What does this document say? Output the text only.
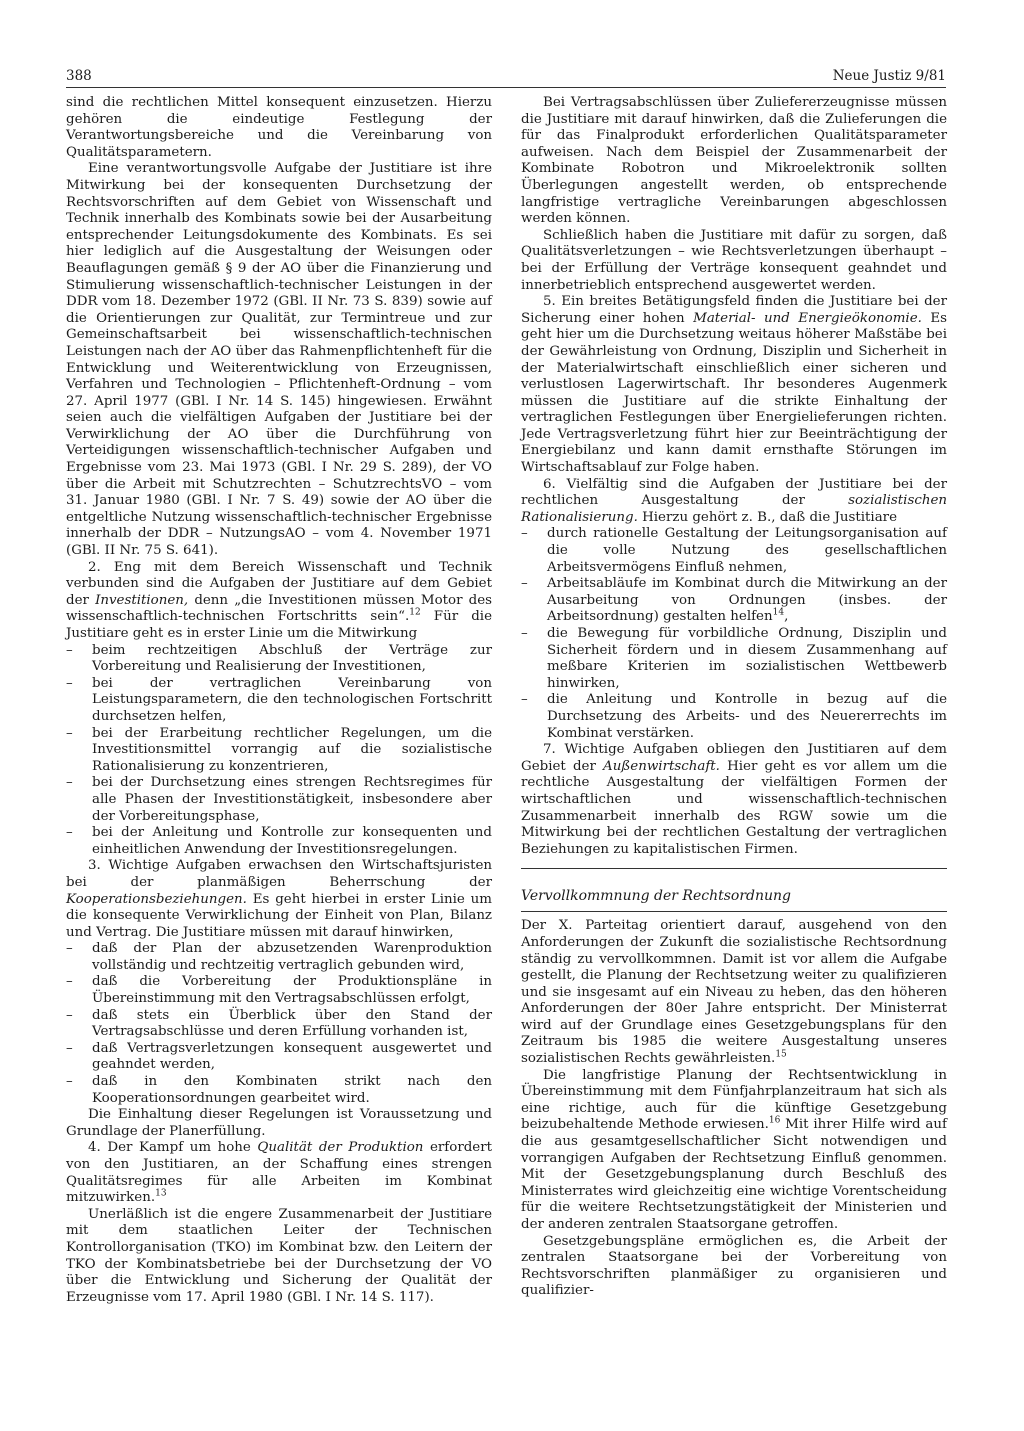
388	Neue Justiz 9/81

sind die rechtlichen Mittel konsequent einzusetzen. Hierzu gehören die eindeutige Festlegung der Verantwortungsbereiche und die Vereinbarung von Qualitätsparametern.

Eine verantwortungsvolle Aufgabe der Justitiare ist ihre Mitwirkung bei der konsequenten Durchsetzung der Rechtsvorschriften auf dem Gebiet von Wissenschaft und Technik innerhalb des Kombinats sowie bei der Ausarbeitung entsprechender Leitungsdokumente des Kombinats. Es sei hier lediglich auf die Ausgestaltung der Weisungen oder Beauflagungen gemäß § 9 der AO über die Finanzierung und Stimulierung wissenschaftlich-technischer Leistungen in der DDR vom 18. Dezember 1972 (GBl. II Nr. 73 S. 839) sowie auf die Orientierungen zur Qualität, zur Termintreue und zur Gemeinschaftsarbeit bei wissenschaftlich-technischen Leistungen nach der AO über das Rahmenpflichtenheft für die Entwicklung und Weiterentwicklung von Erzeugnissen, Verfahren und Technologien – Pflichtenheft-Ordnung – vom 27. April 1977 (GBl. I Nr. 14 S. 145) hingewiesen. Erwähnt seien auch die vielfältigen Aufgaben der Justitiare bei der Verwirklichung der AO über die Durchführung von Verteidigungen wissenschaftlich-technischer Aufgaben und Ergebnisse vom 23. Mai 1973 (GBl. I Nr. 29 S. 289), der VO über die Arbeit mit Schutzrechten – SchutzrechtsVO – vom 31. Januar 1980 (GBl. I Nr. 7 S. 49) sowie der AO über die entgeltliche Nutzung wissenschaftlich-technischer Ergebnisse innerhalb der DDR – NutzungsAO – vom 4. November 1971 (GBl. II Nr. 75 S. 641).

2. Eng mit dem Bereich Wissenschaft und Technik verbunden sind die Aufgaben der Justitiare auf dem Gebiet der Investitionen, denn „die Investitionen müssen Motor des wissenschaftlich-technischen Fortschritts sein“.$^{12}$ Für die Justitiare geht es in erster Linie um die Mitwirkung

– beim rechtzeitigen Abschluß der Verträge zur Vorbereitung und Realisierung der Investitionen,
– bei der vertraglichen Vereinbarung von Leistungsparametern, die den technologischen Fortschritt durchsetzen helfen,
– bei der Erarbeitung rechtlicher Regelungen, um die Investitionsmittel vorrangig auf die sozialistische Rationalisierung zu konzentrieren,
– bei der Durchsetzung eines strengen Rechtsregimes für alle Phasen der Investitionstätigkeit, insbesondere aber der Vorbereitungsphase,
– bei der Anleitung und Kontrolle zur konsequenten und einheitlichen Anwendung der Investitionsregelungen.

3. Wichtige Aufgaben erwachsen den Wirtschaftsjuristen bei der planmäßigen Beherrschung der Kooperationsbeziehungen. Es geht hierbei in erster Linie um die konsequente Verwirklichung der Einheit von Plan, Bilanz und Vertrag. Die Justitiare müssen mit darauf hinwirken,

– daß der Plan der abzusetzenden Warenproduktion vollständig und rechtzeitig vertraglich gebunden wird,
– daß die Vorbereitung der Produktionspläne in Übereinstimmung mit den Vertragsabschlüssen erfolgt,
– daß stets ein Überblick über den Stand der Vertragsabschlüsse und deren Erfüllung vorhanden ist,
– daß Vertragsverletzungen konsequent ausgewertet und geahndet werden,
– daß in den Kombinaten strikt nach den Kooperationsordnungen gearbeitet wird.

Die Einhaltung dieser Regelungen ist Voraussetzung und Grundlage der Planerfüllung.

4. Der Kampf um hohe Qualität der Produktion erfordert von den Justitiaren, an der Schaffung eines strengen Qualitätsregimes für alle Arbeiten im Kombinat mitzuwirken.$^{13}$

Unerläßlich ist die engere Zusammenarbeit der Justitiare mit dem staatlichen Leiter der Technischen Kontrollorganisation (TKO) im Kombinat bzw. den Leitern der TKO der Kombinatsbetriebe bei der Durchsetzung der VO über die Entwicklung und Sicherung der Qualität der Erzeugnisse vom 17. April 1980 (GBl. I Nr. 14 S. 117).

Bei Vertragsabschlüssen über Zuliefererzeugnisse müssen die Justitiare mit darauf hinwirken, daß die Zulieferungen die für das Finalprodukt erforderlichen Qualitätsparameter aufweisen. Nach dem Beispiel der Zusammenarbeit der Kombinate Robotron und Mikroelektronik sollten Überlegungen angestellt werden, ob entsprechende langfristige vertragliche Vereinbarungen abgeschlossen werden können.

Schließlich haben die Justitiare mit dafür zu sorgen, daß Qualitätsverletzungen – wie Rechtsverletzungen überhaupt – bei der Erfüllung der Verträge konsequent geahndet und innerbetrieblich entsprechend ausgewertet werden.

5. Ein breites Betätigungsfeld finden die Justitiare bei der Sicherung einer hohen Material- und Energieökonomie. Es geht hier um die Durchsetzung weitaus höherer Maßstäbe bei der Gewährleistung von Ordnung, Disziplin und Sicherheit in der Materialwirtschaft einschließlich einer sicheren und verlustlosen Lagerwirtschaft. Ihr besonderes Augenmerk müssen die Justitiare auf die strikte Einhaltung der vertraglichen Festlegungen über Energielieferungen richten. Jede Vertragsverletzung führt hier zur Beeinträchtigung der Energiebilanz und kann damit ernsthafte Störungen im Wirtschaftsablauf zur Folge haben.

6. Vielfältig sind die Aufgaben der Justitiare bei der rechtlichen Ausgestaltung der sozialistischen Rationalisierung. Hierzu gehört z. B., daß die Justitiare

– durch rationelle Gestaltung der Leitungsorganisation auf die volle Nutzung des gesellschaftlichen Arbeitsvermögens Einfluß nehmen,
– Arbeitsabläufe im Kombinat durch die Mitwirkung an der Ausarbeitung von Ordnungen (insbes. der Arbeitsordnung) gestalten helfen$^{14}$,
– die Bewegung für vorbildliche Ordnung, Disziplin und Sicherheit fördern und in diesem Zusammenhang auf meßbare Kriterien im sozialistischen Wettbewerb hinwirken,
– die Anleitung und Kontrolle in bezug auf die Durchsetzung des Arbeits- und des Neuererrechts im Kombinat verstärken.

7. Wichtige Aufgaben obliegen den Justitiaren auf dem Gebiet der Außenwirtschaft. Hier geht es vor allem um die rechtliche Ausgestaltung der vielfältigen Formen der wirtschaftlichen und wissenschaftlich-technischen Zusammenarbeit innerhalb des RGW sowie um die Mitwirkung bei der rechtlichen Gestaltung der vertraglichen Beziehungen zu kapitalistischen Firmen.

Vervollkommnung der Rechtsordnung

Der X. Parteitag orientiert darauf, ausgehend von den Anforderungen der Zukunft die sozialistische Rechtsordnung ständig zu vervollkommnen. Damit ist vor allem die Aufgabe gestellt, die Planung der Rechtsetzung weiter zu qualifizieren und sie insgesamt auf ein Niveau zu heben, das den höheren Anforderungen der 80er Jahre entspricht. Der Ministerrat wird auf der Grundlage eines Gesetzgebungsplans für den Zeitraum bis 1985 die weitere Ausgestaltung unseres sozialistischen Rechts gewährleisten.$^{15}$

Die langfristige Planung der Rechtsentwicklung in Übereinstimmung mit dem Fünfjahrplanzeitraum hat sich als eine richtige, auch für die künftige Gesetzgebung beizubehaltende Methode erwiesen.$^{16}$ Mit ihrer Hilfe wird auf die aus gesamtgesellschaftlicher Sicht notwendigen und vorrangigen Aufgaben der Rechtsetzung Einfluß genommen. Mit der Gesetzgebungsplanung durch Beschluß des Ministerrates wird gleichzeitig eine wichtige Vorentscheidung für die weitere Rechtsetzungstätigkeit der Ministerien und der anderen zentralen Staatsorgane getroffen.

Gesetzgebungspläne ermöglichen es, die Arbeit der zentralen Staatsorgane bei der Vorbereitung von Rechtsvorschriften planmäßiger zu organisieren und qualifizier-
